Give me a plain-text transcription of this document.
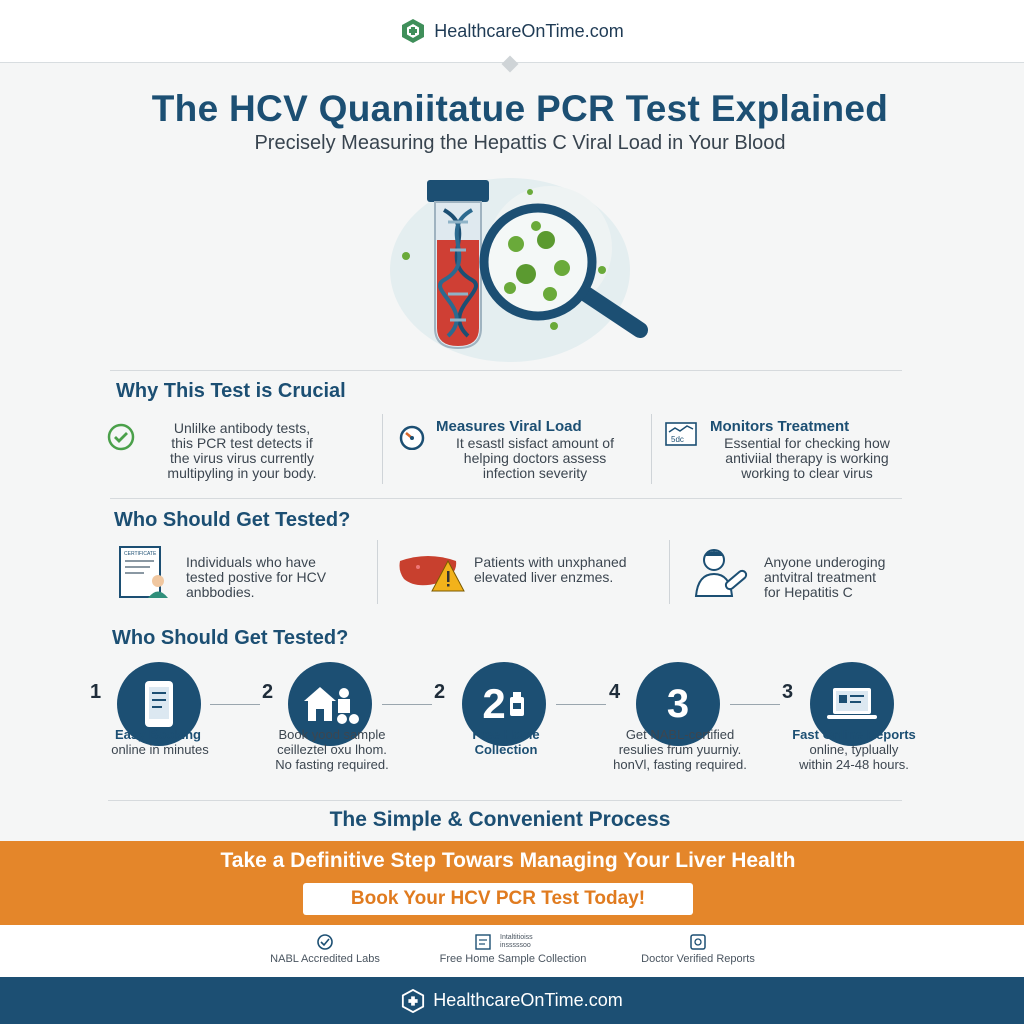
HealthcareOnTime.com
The HCV Quaniitatue PCR Test Explained
Precisely Measuring the Hepattis C Viral Load in Your Blood
Why This Test is Crucial
Unlilke antibody tests,
this PCR test detects if
the virus virus currently
multipyling in your body.
Measures Viral Load
It esastl sisfact amount of
helping doctors assess
infection severity
5dc
Monitors Treatment
Essential for checking how
antiviial therapy is working
working to clear virus
Who Should Get Tested?
CERTIFICATE Individuals who have
tested postive for HCV
anbbodies.
Patients with unxphaned
elevated liver enzmes.
Anyone underoging
antvitral treatment
for Hepatitis C
Who Should Get Tested?
1
Easy Booking
online in minutes
2
Book yood sample
ceilleztel oxu lhom.
No fasting required.
2 2
Free Home
Collection
4 3
Get NABL-certified
resulies frum yuurniy.
honVl, fasting required.
3
Fast Online Reports
online, typlually
within 24-48 hours.
The Simple & Convenient Process
Take a Definitive Step Towars Managing Your Liver Health
Book Your HCV PCR Test Today!
NABL Accredited Labs
Intaltitioiss
insssssoo
Free Home Sample Collection	Doctor Verified Reports
HealthcareOnTime.com
